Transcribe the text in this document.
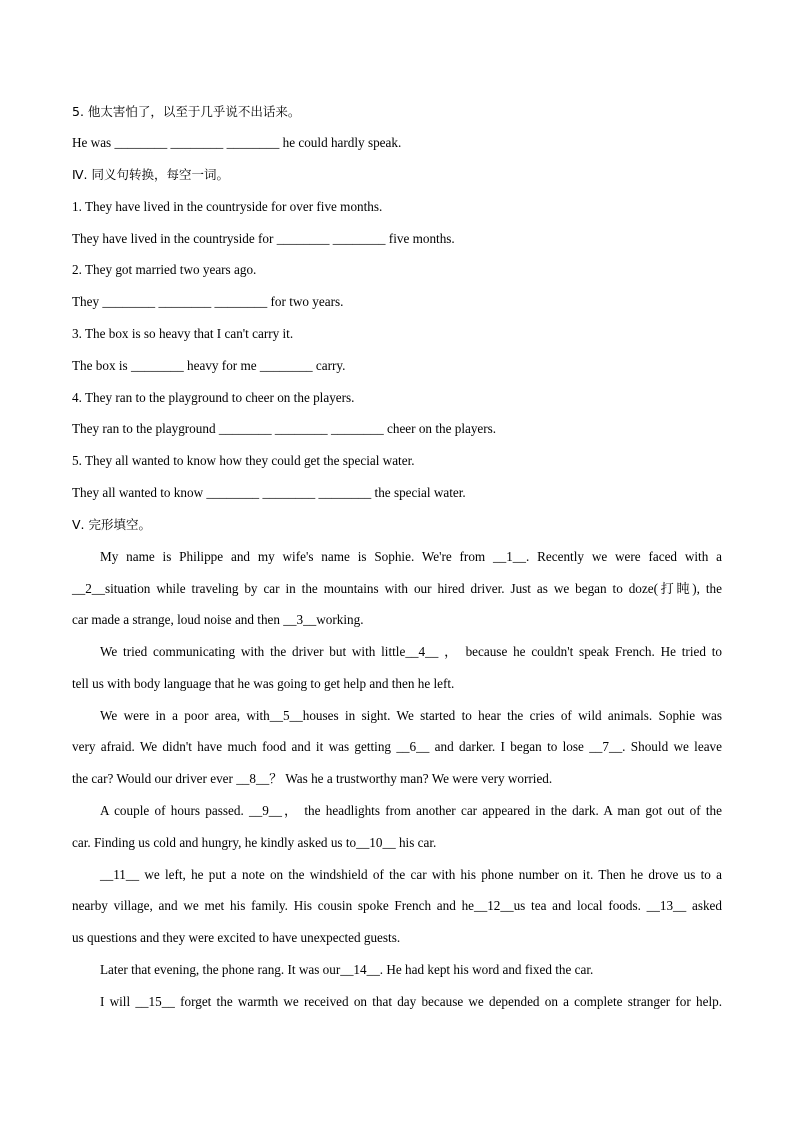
5. 他太害怕了，以至于几乎说不出话来。
He was ________ ________ ________ he could hardly speak.
Ⅳ. 同义句转换，每空一词。
1. They have lived in the countryside for over five months.
They have lived in the countryside for ________ ________ five months.
2. They got married two years ago.
They ________ ________ ________ for two years.
3. The box is so heavy that I can't carry it.
The box is ________ heavy for me ________ carry.
4. They ran to the playground to cheer on the players.
They ran to the playground ________ ________ ________ cheer on the players.
5. They all wanted to know how they could get the special water.
They all wanted to know ________ ________ ________ the special water.
Ⅴ. 完形填空。
My name is Philippe and my wife's name is Sophie. We're from __1__. Recently we were faced with a
__2__situation while traveling by car in the mountains with our hired driver. Just as we began to doze(打盹), the
car made a strange, loud noise and then __3__working.
We tried communicating with the driver but with little__4__ ， because he couldn't speak French. He tried to
tell us with body language that he was going to get help and then he left.
We were in a poor area, with__5__houses in sight. We started to hear the cries of wild animals. Sophie was
very afraid. We didn't have much food and it was getting __6__ and darker. I began to lose __7__. Should we leave
the car? Would our driver ever __8__？ Was he a trustworthy man? We were very worried.
A couple of hours passed. __9__， the headlights from another car appeared in the dark. A man got out of the
car. Finding us cold and hungry, he kindly asked us to__10__ his car.
__11__ we left, he put a note on the windshield of the car with his phone number on it. Then he drove us to a
nearby village, and we met his family. His cousin spoke French and he__12__us tea and local foods. __13__ asked
us questions and they were excited to have unexpected guests.
Later that evening, the phone rang. It was our__14__. He had kept his word and fixed the car.
I will __15__ forget the warmth we received on that day because we depended on a complete stranger for help.
